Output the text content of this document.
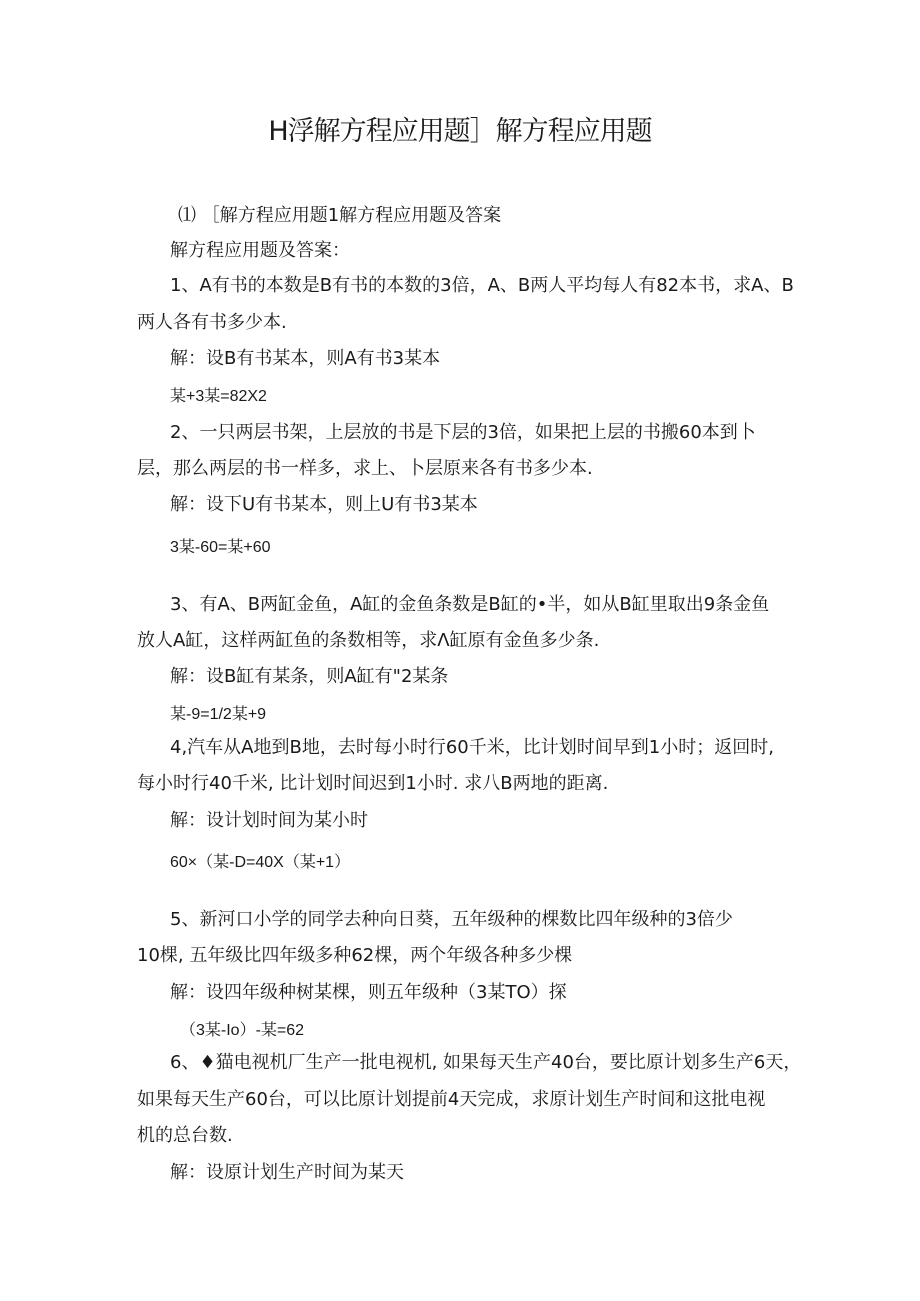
H浮解方程应用题］解方程应用题
⑴ ［解方程应用题1解方程应用题及答案
解方程应用题及答案：
1、A有书的本数是B有书的本数的3倍，A、B两人平均每人有82本书，求A、B
两人各有书多少本.
解：设B有书某本，则A有书3某本
某+3某=82X2
2、一只两层书架，上层放的书是下层的3倍，如果把上层的书搬60本到卜
层，那么两层的书一样多，求上、卜层原来各有书多少本.
解：设下U有书某本，则上U有书3某本
3某-60=某+60
3、有A、B两缸金鱼，A缸的金鱼条数是B缸的•半，如从B缸里取出9条金鱼
放人A缸，这样两缸鱼的条数相等，求Λ缸原有金鱼多少条.
解：设B缸有某条，则A缸有"2某条
某-9=1/2某+9
4,汽车从A地到B地，去时每小时行60千米，比计划时间早到1小时；返回时,
每小时行40千米, 比计划时间迟到1小时. 求八B两地的距离.
解：设计划时间为某小时
60×（某-D=40X（某+1）
5、新河口小学的同学去种向日葵，五年级种的棵数比四年级种的3倍少
10棵, 五年级比四年级多种62棵，两个年级各种多少棵
解：设四年级种树某棵，则五年级种（3某TO）探
（3某-Io）-某=62
6、♦猫电视机厂生产一批电视机, 如果每天生产40台，要比原计划多生产6天，
如果每天生产60台，可以比原计划提前4天完成，求原计划生产时间和这批电视
机的总台数.
解：设原计划生产时间为某天
